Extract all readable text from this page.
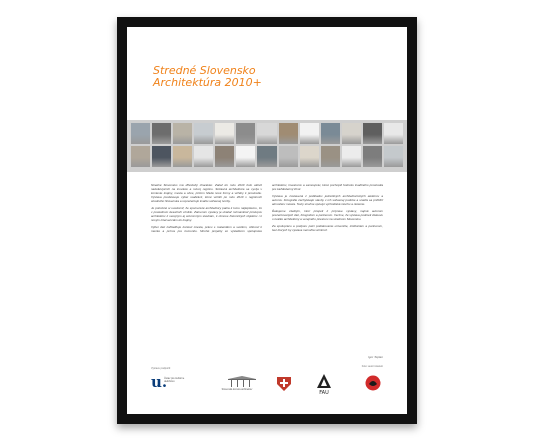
Stredné Slovensko
Architektúra 2010+

Stredné Slovensko má dlhodobý charakter. Zatiaľ do roku 2010 bolo aktivít nadväzujúcich na inovácie a rozvoj regiónu. Súčasná architektúra sa vyvíja v kontexte krajiny, mesta a obce, pričom hľadá nové formy a vzťahy k prostrediu. Výstava predstavuje výber realizácií, ktoré vznikli po roku 2010 v regiónoch stredného Slovenska a reprezentujú kvalitu súčasnej tvorby.

Je potrebné si uvedomiť, že spomenuté architektúry patria k tomu najlepšiemu, čo v poslednom desaťročí vzniklo. Zámerom výstavy je ukázať rozmanitosť prístupov architektov k verejným aj súkromným stavbám, k obnove historických objektov i k novým intervenciám do krajiny.

Výber diel zohľadňuje kontext miesta, prácu s materiálom a svetlom, citlivosť k mierke a prínos pre komunitu. Mnohé projekty sú výsledkom spolupráce architektov, investorov a samospráv, ktoré pochopili hodnotu kvalitného prostredia pre každodenný život.

Výstava je zostavená z podkladov jednotlivých architektonických ateliérov a autorov. Fotografie zachytávajú stavby v ich súčasnej podobe a snažia sa priblížiť atmosféru miesta. Texty stručne opisujú východiská návrhu a riešenie.

Ďakujeme všetkým, ktorí prispeli k príprave výstavy, najmä autorom prezentovaných diel, fotografom a partnerom. Veríme, že výstava podnieti diskusiu o kvalite architektúry a verejného priestoru na strednom Slovensku.

Za spoluprácu a podporu patrí poďakovanie univerzite, inštitúciám a partnerom, bez ktorých by výstava nemohla vzniknúť.

Igor Teplan
Výstavu podporili:
Foto: autori stavieb
u.
Ústav pre kultúrne dedičstvo
Slovenská komora architektov	FAU
